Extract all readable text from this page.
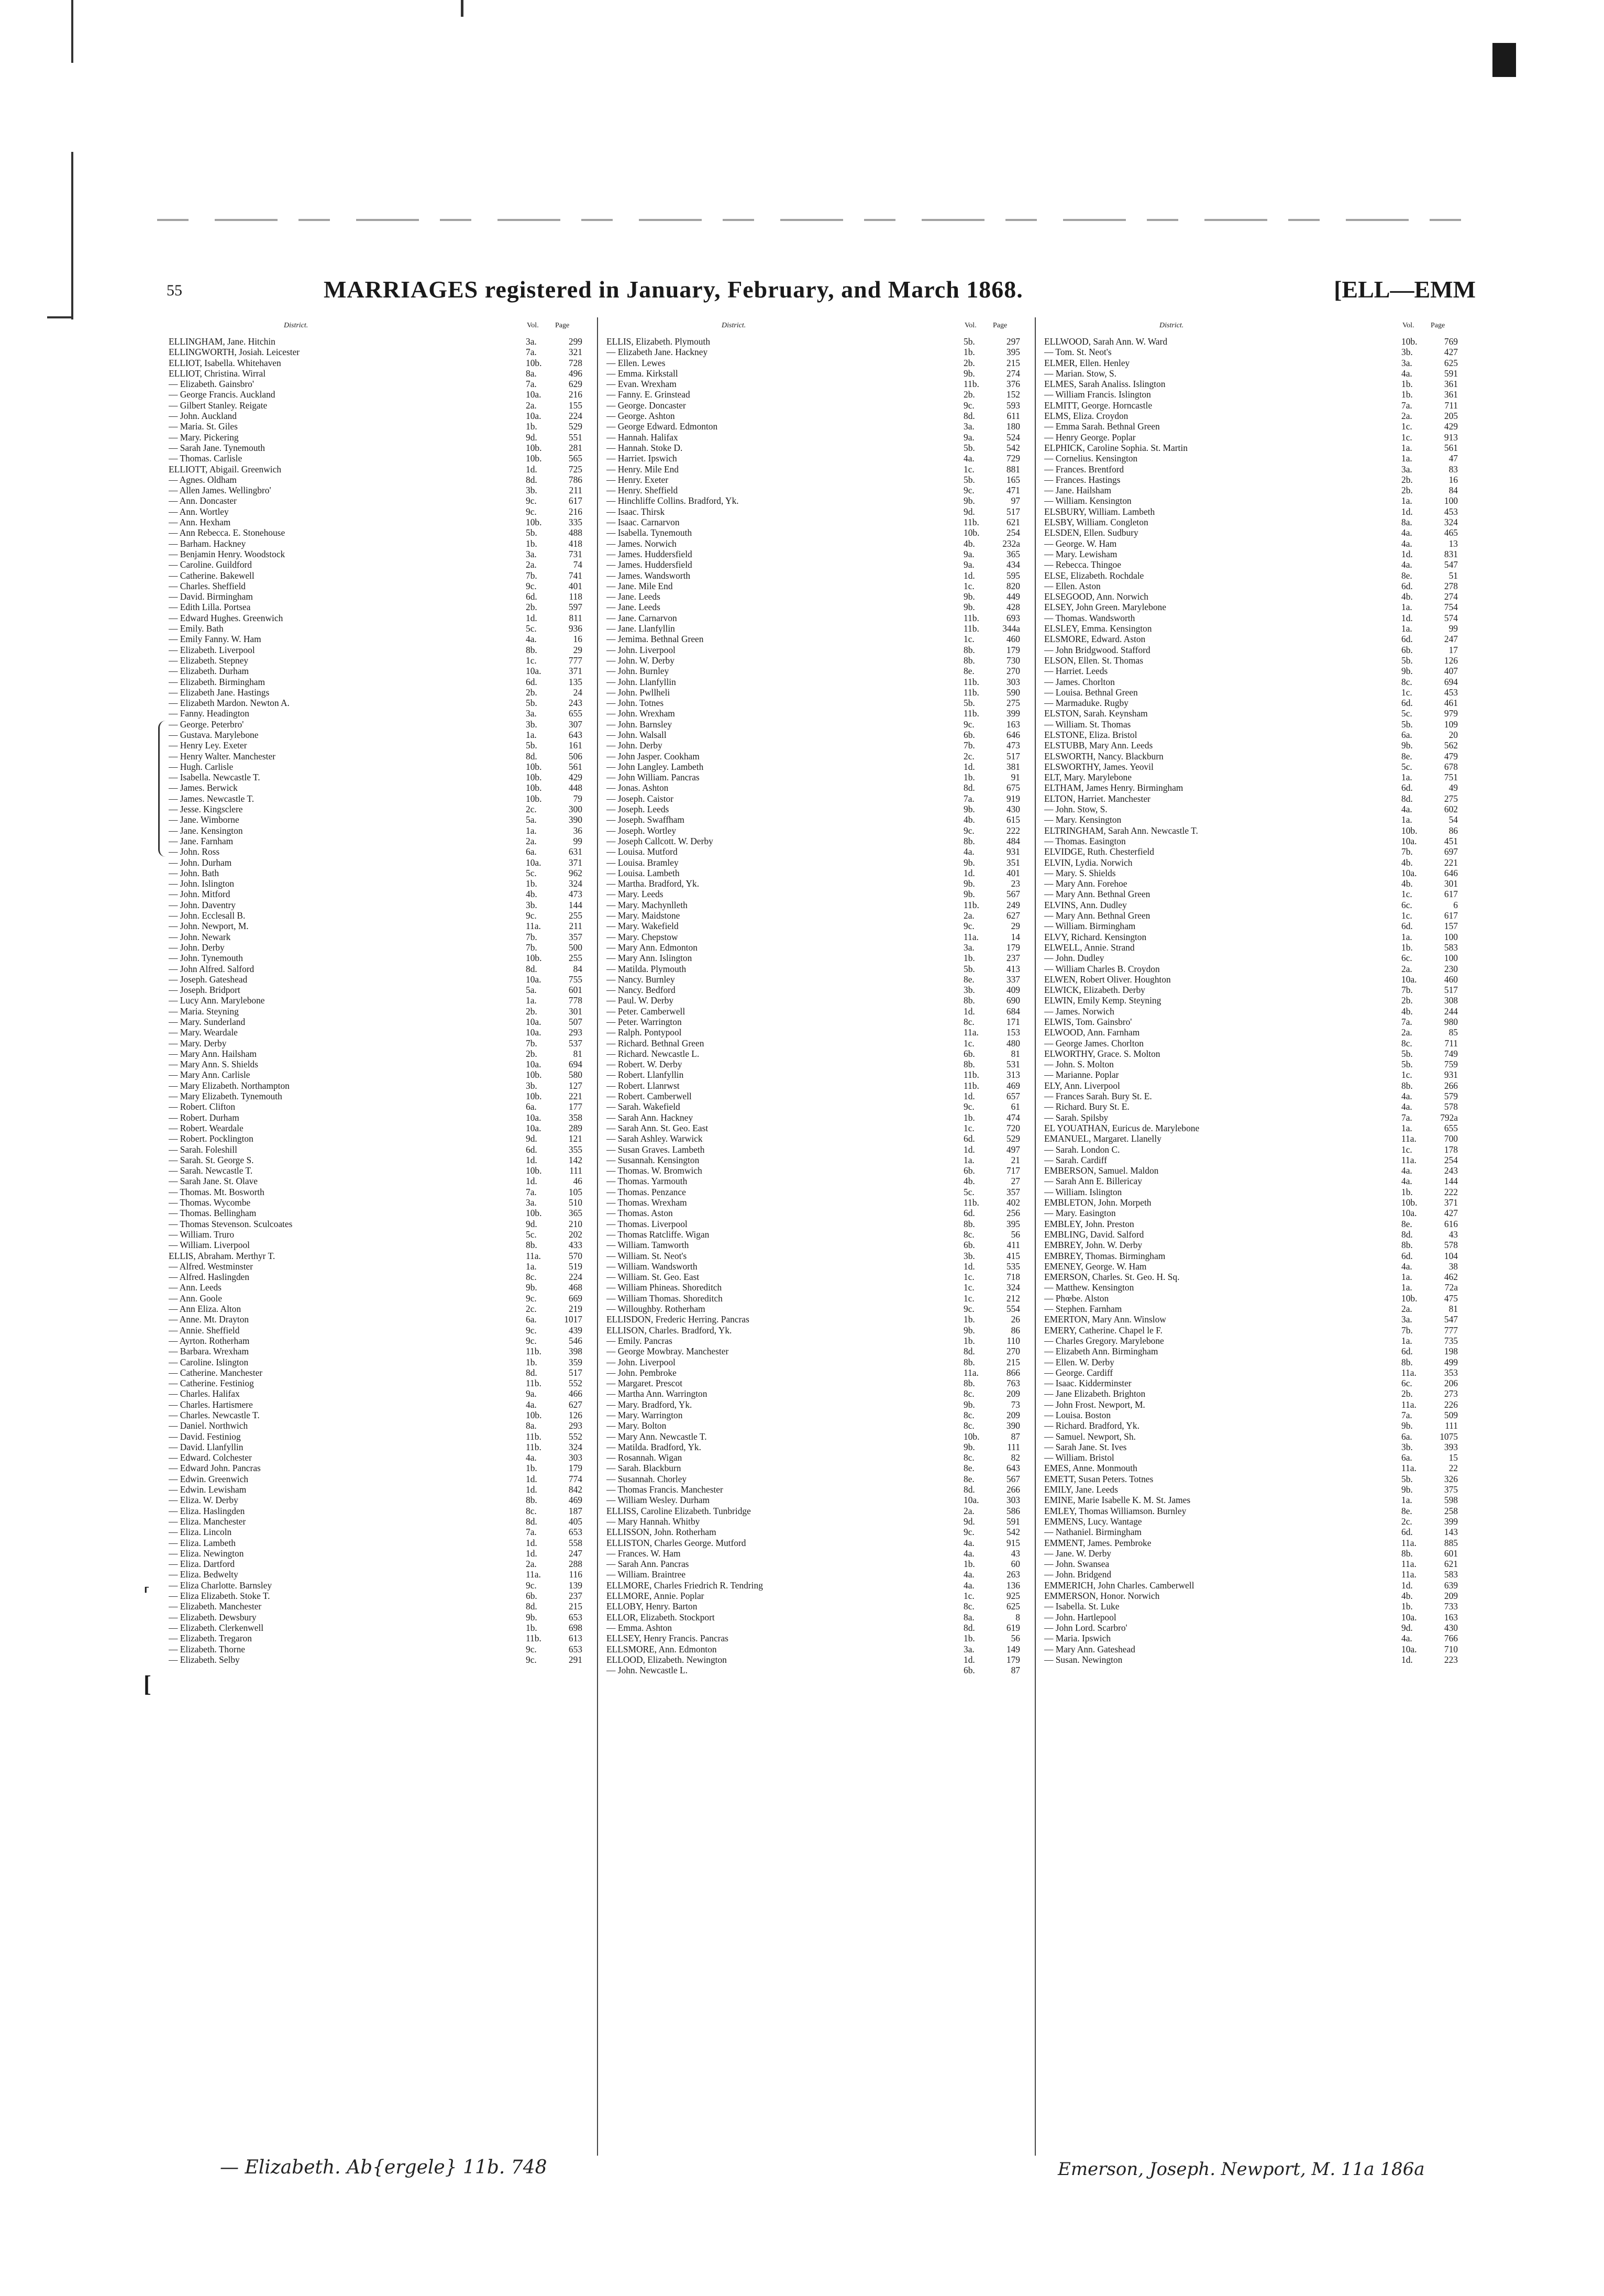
55	MARRIAGES registered in January, February, and March 1868.	[ELL—EMM
District.	Vol. Page
ELLINGHAM, Jane. Hitchin	3a.	299
ELLINGWORTH, Josiah. Leicester	7a.	321
ELLIOT, Isabella. Whitehaven	10b.	728
ELLIOT, Christina. Wirral	8a.	496
— Elizabeth. Gainsbro'	7a.	629
— George Francis. Auckland	10a.	216
— Gilbert Stanley. Reigate	2a.	155
— John. Auckland	10a.	224
— Maria. St. Giles	1b.	529
— Mary. Pickering	9d.	551
— Sarah Jane. Tynemouth	10b.	281
— Thomas. Carlisle	10b.	565
ELLIOTT, Abigail. Greenwich	1d.	725
— Agnes. Oldham	8d.	786
— Allen James. Wellingbro'	3b.	211
— Ann. Doncaster	9c.	617
— Ann. Wortley	9c.	216
— Ann. Hexham	10b.	335
— Ann Rebecca. E. Stonehouse	5b.	488
— Barham. Hackney	1b.	418
— Benjamin Henry. Woodstock	3a.	731
— Caroline. Guildford	2a.	74
— Catherine. Bakewell	7b.	741
— Charles. Sheffield	9c.	401
— David. Birmingham	6d.	118
— Edith Lilla. Portsea	2b.	597
— Edward Hughes. Greenwich	1d.	811
— Emily. Bath	5c.	936
— Emily Fanny. W. Ham	4a.	16
— Elizabeth. Liverpool	8b.	29
— Elizabeth. Stepney	1c.	777
— Elizabeth. Durham	10a.	371
— Elizabeth. Birmingham	6d.	135
— Elizabeth Jane. Hastings	2b.	24
— Elizabeth Mardon. Newton A.	5b.	243
— Fanny. Headington	3a.	655
— George. Peterbro'	3b.	307
— Gustava. Marylebone	1a.	643
— Henry Ley. Exeter	5b.	161
— Henry Walter. Manchester	8d.	506
— Hugh. Carlisle	10b.	561
— Isabella. Newcastle T.	10b.	429
— James. Berwick	10b.	448
— James. Newcastle T.	10b.	79
— Jesse. Kingsclere	2c.	300
— Jane. Wimborne	5a.	390
— Jane. Kensington	1a.	36
— Jane. Farnham	2a.	99
— John. Ross	6a.	631
— John. Durham	10a.	371
— John. Bath	5c.	962
— John. Islington	1b.	324
— John. Mitford	4b.	473
— John. Daventry	3b.	144
— John. Ecclesall B.	9c.	255
— John. Newport, M.	11a.	211
— John. Newark	7b.	357
— John. Derby	7b.	500
— John. Tynemouth	10b.	255
— John Alfred. Salford	8d.	84
— Joseph. Gateshead	10a.	755
— Joseph. Bridport	5a.	601
— Lucy Ann. Marylebone	1a.	778
— Maria. Steyning	2b.	301
— Mary. Sunderland	10a.	507
— Mary. Weardale	10a.	293
— Mary. Derby	7b.	537
— Mary Ann. Hailsham	2b.	81
— Mary Ann. S. Shields	10a.	694
— Mary Ann. Carlisle	10b.	580
— Mary Elizabeth. Northampton	3b.	127
— Mary Elizabeth. Tynemouth	10b.	221
— Robert. Clifton	6a.	177
— Robert. Durham	10a.	358
— Robert. Weardale	10a.	289
— Robert. Pocklington	9d.	121
— Sarah. Foleshill	6d.	355
— Sarah. St. George S.	1d.	142
— Sarah. Newcastle T.	10b.	111
— Sarah Jane. St. Olave	1d.	46
— Thomas. Mt. Bosworth	7a.	105
— Thomas. Wycombe	3a.	510
— Thomas. Bellingham	10b.	365
— Thomas Stevenson. Sculcoates	9d.	210
— William. Truro	5c.	202
— William. Liverpool	8b.	433
ELLIS, Abraham. Merthyr T.	11a.	570
— Alfred. Westminster	1a.	519
— Alfred. Haslingden	8c.	224
— Ann. Leeds	9b.	468
— Ann. Goole	9c.	669
— Ann Eliza. Alton	2c.	219
— Anne. Mt. Drayton	6a.	1017
— Annie. Sheffield	9c.	439
— Ayrton. Rotherham	9c.	546
— Barbara. Wrexham	11b.	398
— Caroline. Islington	1b.	359
— Catherine. Manchester	8d.	517
— Catherine. Festiniog	11b.	552
— Charles. Halifax	9a.	466
— Charles. Hartismere	4a.	627
— Charles. Newcastle T.	10b.	126
— Daniel. Northwich	8a.	293
— David. Festiniog	11b.	552
— David. Llanfyllin	11b.	324
— Edward. Colchester	4a.	303
— Edward John. Pancras	1b.	179
— Edwin. Greenwich	1d.	774
— Edwin. Lewisham	1d.	842
— Eliza. W. Derby	8b.	469
— Eliza. Haslingden	8c.	187
— Eliza. Manchester	8d.	405
— Eliza. Lincoln	7a.	653
— Eliza. Lambeth	1d.	558
— Eliza. Newington	1d.	247
— Eliza. Dartford	2a.	288
— Eliza. Bedwelty	11a.	116
— Eliza Charlotte. Barnsley	9c.	139
— Eliza Elizabeth. Stoke T.	6b.	237
— Elizabeth. Manchester	8d.	215
— Elizabeth. Dewsbury	9b.	653
— Elizabeth. Clerkenwell	1b.	698
— Elizabeth. Tregaron	11b.	613
— Elizabeth. Thorne	9c.	653
— Elizabeth. Selby	9c.	291
District.	Vol. Page
ELLIS, Elizabeth. Plymouth	5b.	297
— Elizabeth Jane. Hackney	1b.	395
— Ellen. Lewes	2b.	215
— Emma. Kirkstall	9b.	274
— Evan. Wrexham	11b.	376
— Fanny. E. Grinstead	2b.	152
— George. Doncaster	9c.	593
— George. Ashton	8d.	611
— George Edward. Edmonton	3a.	180
— Hannah. Halifax	9a.	524
— Hannah. Stoke D.	5b.	542
— Harriet. Ipswich	4a.	729
— Henry. Mile End	1c.	881
— Henry. Exeter	5b.	165
— Henry. Sheffield	9c.	471
— Hinchliffe Collins. Bradford, Yk.	9b.	97
— Isaac. Thirsk	9d.	517
— Isaac. Carnarvon	11b.	621
— Isabella. Tynemouth	10b.	254
— James. Norwich	4b.	232a
— James. Huddersfield	9a.	365
— James. Huddersfield	9a.	434
— James. Wandsworth	1d.	595
— Jane. Mile End	1c.	820
— Jane. Leeds	9b.	449
— Jane. Leeds	9b.	428
— Jane. Carnarvon	11b.	693
— Jane. Llanfyllin	11b.	344a
— Jemima. Bethnal Green	1c.	460
— John. Liverpool	8b.	179
— John. W. Derby	8b.	730
— John. Burnley	8e.	270
— John. Llanfyllin	11b.	303
— John. Pwllheli	11b.	590
— John. Totnes	5b.	275
— John. Wrexham	11b.	399
— John. Barnsley	9c.	163
— John. Walsall	6b.	646
— John. Derby	7b.	473
— John Jasper. Cookham	2c.	517
— John Langley. Lambeth	1d.	381
— John William. Pancras	1b.	91
— Jonas. Ashton	8d.	675
— Joseph. Caistor	7a.	919
— Joseph. Leeds	9b.	430
— Joseph. Swaffham	4b.	615
— Joseph. Wortley	9c.	222
— Joseph Callcott. W. Derby	8b.	484
— Louisa. Mutford	4a.	931
— Louisa. Bramley	9b.	351
— Louisa. Lambeth	1d.	401
— Martha. Bradford, Yk.	9b.	23
— Mary. Leeds	9b.	567
— Mary. Machynlleth	11b.	249
— Mary. Maidstone	2a.	627
— Mary. Wakefield	9c.	29
— Mary. Chepstow	11a.	14
— Mary Ann. Edmonton	3a.	179
— Mary Ann. Islington	1b.	237
— Matilda. Plymouth	5b.	413
— Nancy. Burnley	8e.	337
— Nancy. Bedford	3b.	409
— Paul. W. Derby	8b.	690
— Peter. Camberwell	1d.	684
— Peter. Warrington	8c.	171
— Ralph. Pontypool	11a.	153
— Richard. Bethnal Green	1c.	480
— Richard. Newcastle L.	6b.	81
— Robert. W. Derby	8b.	531
— Robert. Llanfyllin	11b.	313
— Robert. Llanrwst	11b.	469
— Robert. Camberwell	1d.	657
— Sarah. Wakefield	9c.	61
— Sarah Ann. Hackney	1b.	474
— Sarah Ann. St. Geo. East	1c.	720
— Sarah Ashley. Warwick	6d.	529
— Susan Graves. Lambeth	1d.	497
— Susannah. Kensington	1a.	21
— Thomas. W. Bromwich	6b.	717
— Thomas. Yarmouth	4b.	27
— Thomas. Penzance	5c.	357
— Thomas. Wrexham	11b.	402
— Thomas. Aston	6d.	256
— Thomas. Liverpool	8b.	395
— Thomas Ratcliffe. Wigan	8c.	56
— William. Tamworth	6b.	411
— William. St. Neot's	3b.	415
— William. Wandsworth	1d.	535
— William. St. Geo. East	1c.	718
— William Phineas. Shoreditch	1c.	324
— William Thomas. Shoreditch	1c.	212
— Willoughby. Rotherham	9c.	554
ELLISDON, Frederic Herring. Pancras	1b.	26
ELLISON, Charles. Bradford, Yk.	9b.	86
— Emily. Pancras	1b.	110
— George Mowbray. Manchester	8d.	270
— John. Liverpool	8b.	215
— John. Pembroke	11a.	866
— Margaret. Prescot	8b.	763
— Martha Ann. Warrington	8c.	209
— Mary. Bradford, Yk.	9b.	73
— Mary. Warrington	8c.	209
— Mary. Bolton	8c.	390
— Mary Ann. Newcastle T.	10b.	87
— Matilda. Bradford, Yk.	9b.	111
— Rosannah. Wigan	8c.	82
— Sarah. Blackburn	8e.	643
— Susannah. Chorley	8e.	567
— Thomas Francis. Manchester	8d.	266
— William Wesley. Durham	10a.	303
ELLISS, Caroline Elizabeth. Tunbridge	2a.	586
— Mary Hannah. Whitby	9d.	591
ELLISSON, John. Rotherham	9c.	542
ELLISTON, Charles George. Mutford	4a.	915
— Frances. W. Ham	4a.	43
— Sarah Ann. Pancras	1b.	60
— William. Braintree	4a.	263
ELLMORE, Charles Friedrich R. Tendring	4a.	136
ELLMORE, Annie. Poplar	1c.	925
ELLOBY, Henry. Barton	8c.	625
ELLOR, Elizabeth. Stockport	8a.	8
— Emma. Ashton	8d.	619
ELLSEY, Henry Francis. Pancras	1b.	56
ELLSMORE, Ann. Edmonton	3a.	149
ELLOOD, Elizabeth. Newington	1d.	179
— John. Newcastle L.	6b.	87
District.	Vol. Page
ELLWOOD, Sarah Ann. W. Ward	10b.	769
— Tom. St. Neot's	3b.	427
ELMER, Ellen. Henley	3a.	625
— Marian. Stow, S.	4a.	591
ELMES, Sarah Analiss. Islington	1b.	361
— William Francis. Islington	1b.	361
ELMITT, George. Horncastle	7a.	711
ELMS, Eliza. Croydon	2a.	205
— Emma Sarah. Bethnal Green	1c.	429
— Henry George. Poplar	1c.	913
ELPHICK, Caroline Sophia. St. Martin	1a.	561
— Cornelius. Kensington	1a.	47
— Frances. Brentford	3a.	83
— Frances. Hastings	2b.	16
— Jane. Hailsham	2b.	84
— William. Kensington	1a.	100
ELSBURY, William. Lambeth	1d.	453
ELSBY, William. Congleton	8a.	324
ELSDEN, Ellen. Sudbury	4a.	465
— George. W. Ham	4a.	13
— Mary. Lewisham	1d.	831
— Rebecca. Thingoe	4a.	547
ELSE, Elizabeth. Rochdale	8e.	51
— Ellen. Aston	6d.	278
ELSEGOOD, Ann. Norwich	4b.	274
ELSEY, John Green. Marylebone	1a.	754
— Thomas. Wandsworth	1d.	574
ELSLEY, Emma. Kensington	1a.	99
ELSMORE, Edward. Aston	6d.	247
— John Bridgwood. Stafford	6b.	17
ELSON, Ellen. St. Thomas	5b.	126
— Harriet. Leeds	9b.	407
— James. Chorlton	8c.	694
— Louisa. Bethnal Green	1c.	453
— Marmaduke. Rugby	6d.	461
ELSTON, Sarah. Keynsham	5c.	979
— William. St. Thomas	5b.	109
ELSTONE, Eliza. Bristol	6a.	20
ELSTUBB, Mary Ann. Leeds	9b.	562
ELSWORTH, Nancy. Blackburn	8e.	479
ELSWORTHY, James. Yeovil	5c.	678
ELT, Mary. Marylebone	1a.	751
ELTHAM, James Henry. Birmingham	6d.	49
ELTON, Harriet. Manchester	8d.	275
— John. Stow, S.	4a.	602
— Mary. Kensington	1a.	54
ELTRINGHAM, Sarah Ann. Newcastle T.	10b.	86
— Thomas. Easington	10a.	451
ELVIDGE, Ruth. Chesterfield	7b.	697
ELVIN, Lydia. Norwich	4b.	221
— Mary. S. Shields	10a.	646
— Mary Ann. Forehoe	4b.	301
— Mary Ann. Bethnal Green	1c.	617
ELVINS, Ann. Dudley	6c.	6
— Mary Ann. Bethnal Green	1c.	617
— William. Birmingham	6d.	157
ELVY, Richard. Kensington	1a.	100
ELWELL, Annie. Strand	1b.	583
— John. Dudley	6c.	100
— William Charles B. Croydon	2a.	230
ELWEN, Robert Oliver. Houghton	10a.	460
ELWICK, Elizabeth. Derby	7b.	517
ELWIN, Emily Kemp. Steyning	2b.	308
— James. Norwich	4b.	244
ELWIS, Tom. Gainsbro'	7a.	980
ELWOOD, Ann. Farnham	2a.	85
— George James. Chorlton	8c.	711
ELWORTHY, Grace. S. Molton	5b.	749
— John. S. Molton	5b.	759
— Marianne. Poplar	1c.	931
ELY, Ann. Liverpool	8b.	266
— Frances Sarah. Bury St. E.	4a.	579
— Richard. Bury St. E.	4a.	578
— Sarah. Spilsby	7a.	792a
EL YOUATHAN, Euricus de. Marylebone	1a.	655
EMANUEL, Margaret. Llanelly	11a.	700
— Sarah. London C.	1c.	178
— Sarah. Cardiff	11a.	254
EMBERSON, Samuel. Maldon	4a.	243
— Sarah Ann E. Billericay	4a.	144
— William. Islington	1b.	222
EMBLETON, John. Morpeth	10b.	371
— Mary. Easington	10a.	427
EMBLEY, John. Preston	8e.	616
EMBLING, David. Salford	8d.	43
EMBREY, John. W. Derby	8b.	578
EMBREY, Thomas. Birmingham	6d.	104
EMENEY, George. W. Ham	4a.	38
EMERSON, Charles. St. Geo. H. Sq.	1a.	462
— Matthew. Kensington	1a.	72a
— Phœbe. Alston	10b.	475
— Stephen. Farnham	2a.	81
EMERTON, Mary Ann. Winslow	3a.	547
EMERY, Catherine. Chapel le F.	7b.	777
— Charles Gregory. Marylebone	1a.	735
— Elizabeth Ann. Birmingham	6d.	198
— Ellen. W. Derby	8b.	499
— George. Cardiff	11a.	353
— Isaac. Kidderminster	6c.	206
— Jane Elizabeth. Brighton	2b.	273
— John Frost. Newport, M.	11a.	226
— Louisa. Boston	7a.	509
— Richard. Bradford, Yk.	9b.	111
— Samuel. Newport, Sh.	6a.	1075
— Sarah Jane. St. Ives	3b.	393
— William. Bristol	6a.	15
EMES, Anne. Monmouth	11a.	22
EMETT, Susan Peters. Totnes	5b.	326
EMILY, Jane. Leeds	9b.	375
EMINE, Marie Isabelle K. M. St. James	1a.	598
EMLEY, Thomas Williamson. Burnley	8e.	258
EMMENS, Lucy. Wantage	2c.	399
— Nathaniel. Birmingham	6d.	143
EMMENT, James. Pembroke	11a.	885
— Jane. W. Derby	8b.	601
— John. Swansea	11a.	621
— John. Bridgend	11a.	583
EMMERICH, John Charles. Camberwell	1d.	639
EMMERSON, Honor. Norwich	4b.	209
— Isabella. St. Luke	1b.	733
— John. Hartlepool	10a.	163
— John Lord. Scarbro'	9d.	430
— Maria. Ipswich	4a.	766
— Mary Ann. Gateshead	10a.	710
— Susan. Newington	1d.	223
⸢
[
— Elizabeth. Ab{ergele} 11b. 748	Emerson, Joseph. Newport, M. 11a 186a
